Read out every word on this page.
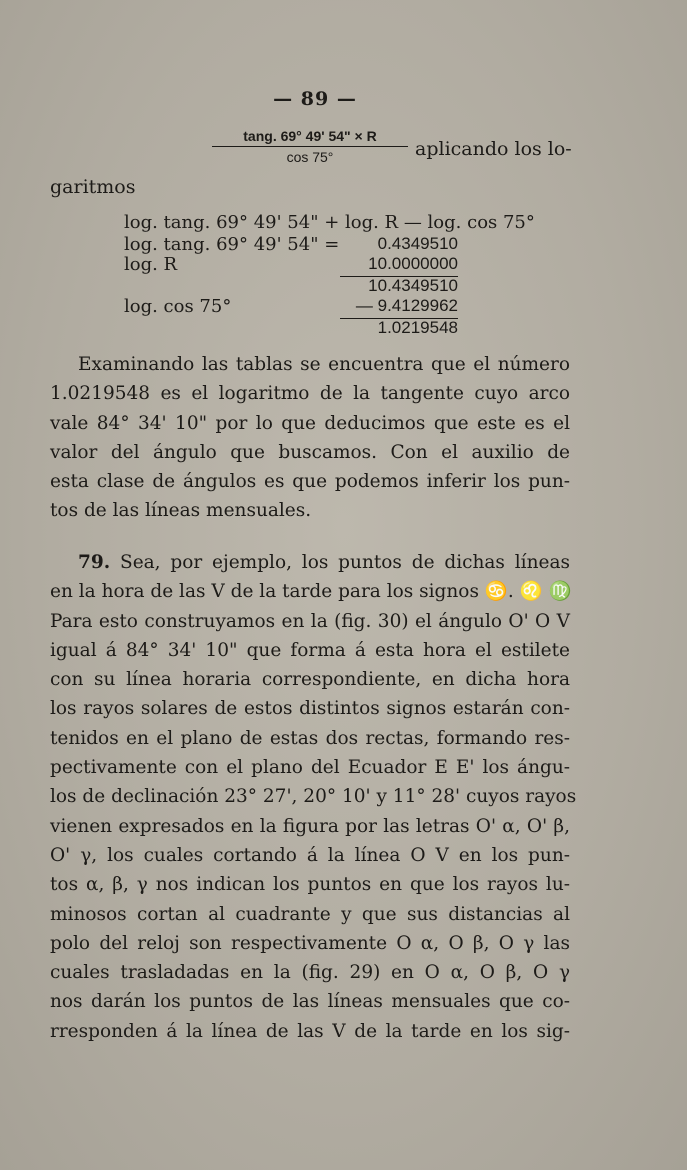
— 89 —
$\frac{\tan g. 69^\circ 49' 54" \times R}{\cos 75^\circ}$ aplicando los lo-
garitmos
log. tang. 69° 49' 54" + log. R — log. cos 75°
log. tang. 69° 49' 54" =	0.4349510
log. R	10.0000000
10.4349510
log. cos 75°	— 9.4129962
1.0219548
Examinando las tablas se encuentra que el número
1.0219548 es el logaritmo de la tangente cuyo arco
vale 84° 34' 10" por lo que deducimos que este es el
valor del ángulo que buscamos. Con el auxilio de
esta clase de ángulos es que podemos inferir los pun-
tos de las líneas mensuales.
79. Sea, por ejemplo, los puntos de dichas líneas
en la hora de las V de la tarde para los signos ♋. ♌ ♍
Para esto construyamos en la (fig. 30) el ángulo O' O V
igual á 84° 34' 10" que forma á esta hora el estilete
con su línea horaria correspondiente, en dicha hora
los rayos solares de estos distintos signos estarán con-
tenidos en el plano de estas dos rectas, formando res-
pectivamente con el plano del Ecuador E E' los ángu-
los de declinación 23° 27', 20° 10' y 11° 28' cuyos rayos
vienen expresados en la figura por las letras O' α, O' β,
O' γ, los cuales cortando á la línea O V en los pun-
tos α, β, γ nos indican los puntos en que los rayos lu-
minosos cortan al cuadrante y que sus distancias al
polo del reloj son respectivamente O α, O β, O γ las
cuales trasladadas en la (fig. 29) en O α, O β, O γ
nos darán los puntos de las líneas mensuales que co-
rresponden á la línea de las V de la tarde en los sig-
